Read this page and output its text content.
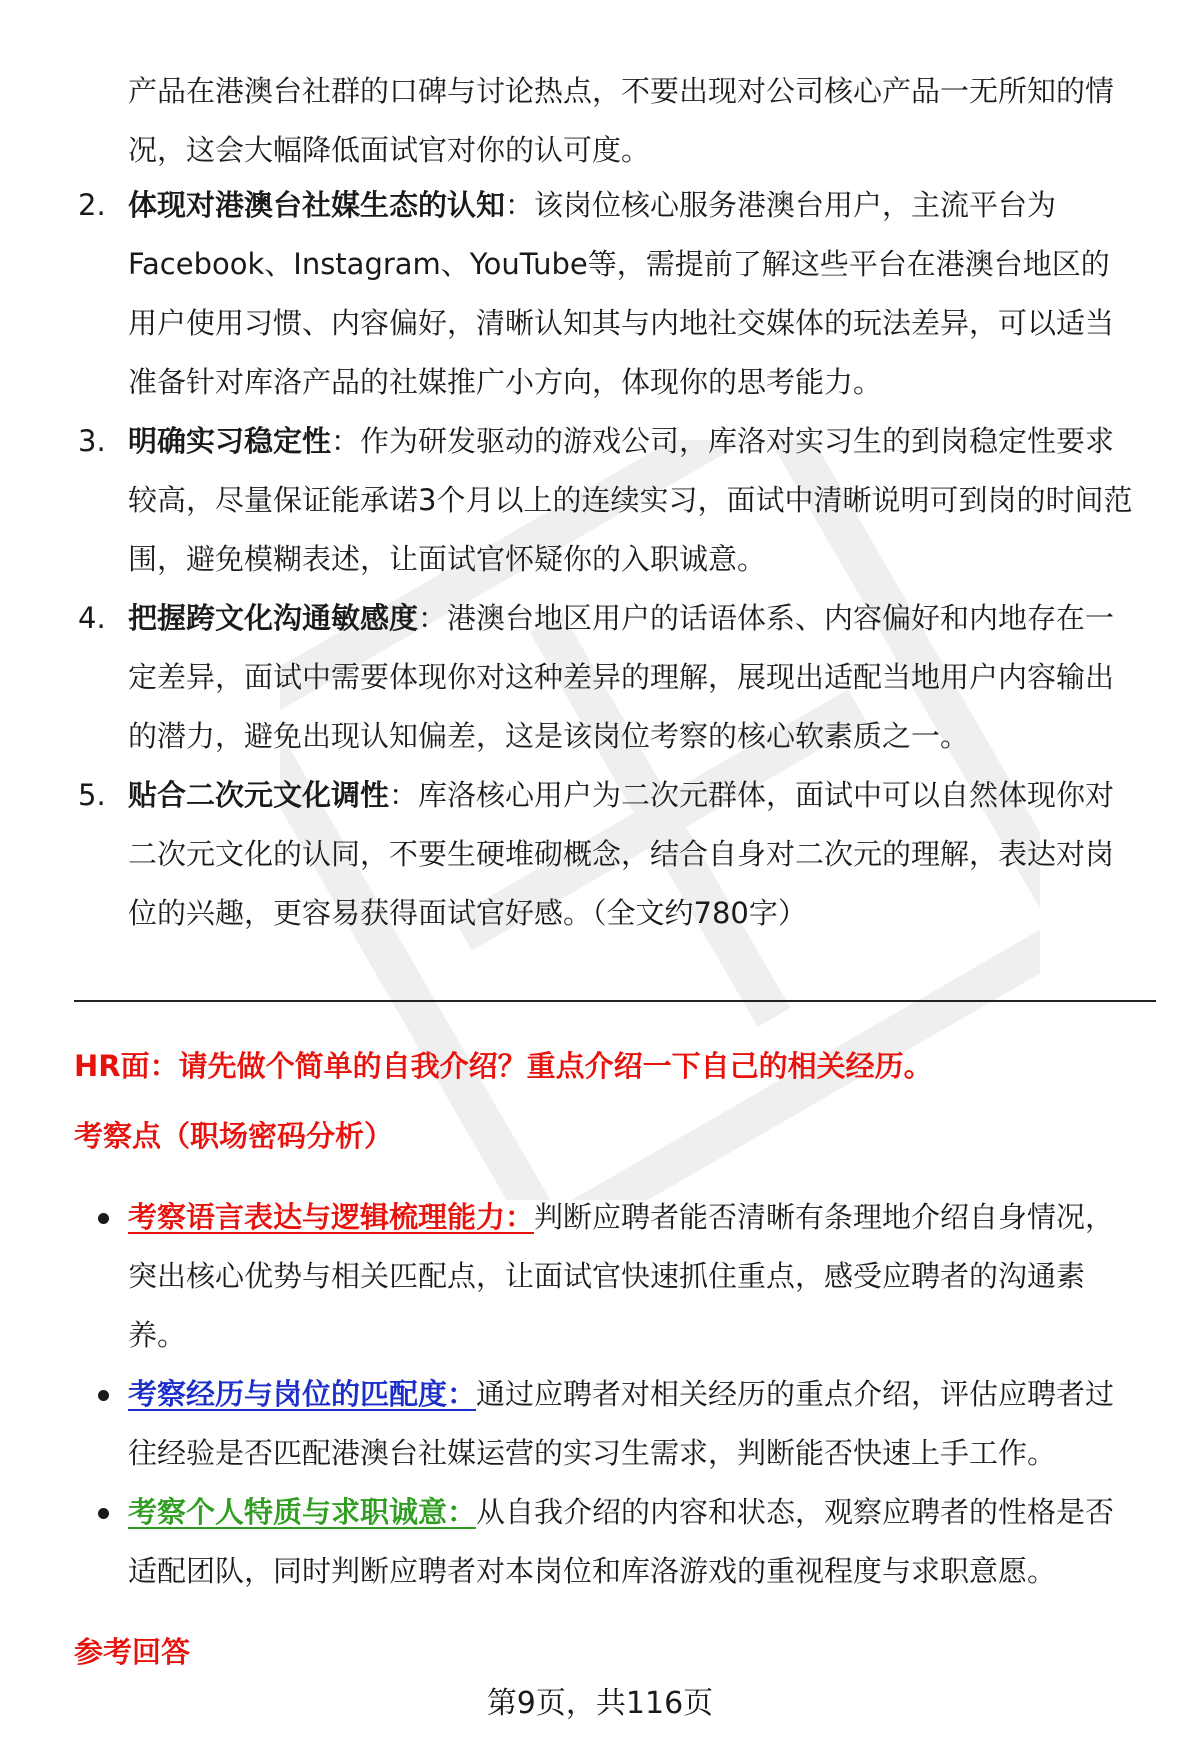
产品在港澳台社群的口碑与讨论热点，不要出现对公司核心产品一无所知的情况，这会大幅降低面试官对你的认可度。

2. 体现对港澳台社媒生态的认知：该岗位核心服务港澳台用户，主流平台为Facebook、Instagram、YouTube等，需提前了解这些平台在港澳台地区的用户使用习惯、内容偏好，清晰认知其与内地社交媒体的玩法差异，可以适当准备针对库洛产品的社媒推广小方向，体现你的思考能力。
3. 明确实习稳定性：作为研发驱动的游戏公司，库洛对实习生的到岗稳定性要求较高，尽量保证能承诺3个月以上的连续实习，面试中清晰说明可到岗的时间范围，避免模糊表述，让面试官怀疑你的入职诚意。
4. 把握跨文化沟通敏感度：港澳台地区用户的话语体系、内容偏好和内地存在一定差异，面试中需要体现你对这种差异的理解，展现出适配当地用户内容输出的潜力，避免出现认知偏差，这是该岗位考察的核心软素质之一。
5. 贴合二次元文化调性：库洛核心用户为二次元群体，面试中可以自然体现你对二次元文化的认同，不要生硬堆砌概念，结合自身对二次元的理解，表达对岗位的兴趣，更容易获得面试官好感。（全文约780字）

HR面：请先做个简单的自我介绍？重点介绍一下自己的相关经历。

考察点（职场密码分析）

考察语言表达与逻辑梳理能力：判断应聘者能否清晰有条理地介绍自身情况，突出核心优势与相关匹配点，让面试官快速抓住重点，感受应聘者的沟通素养。
考察经历与岗位的匹配度：通过应聘者对相关经历的重点介绍，评估应聘者过往经验是否匹配港澳台社媒运营的实习生需求，判断能否快速上手工作。
考察个人特质与求职诚意：从自我介绍的内容和状态，观察应聘者的性格是否适配团队，同时判断应聘者对本岗位和库洛游戏的重视程度与求职意愿。

参考回答

第9页，共116页
